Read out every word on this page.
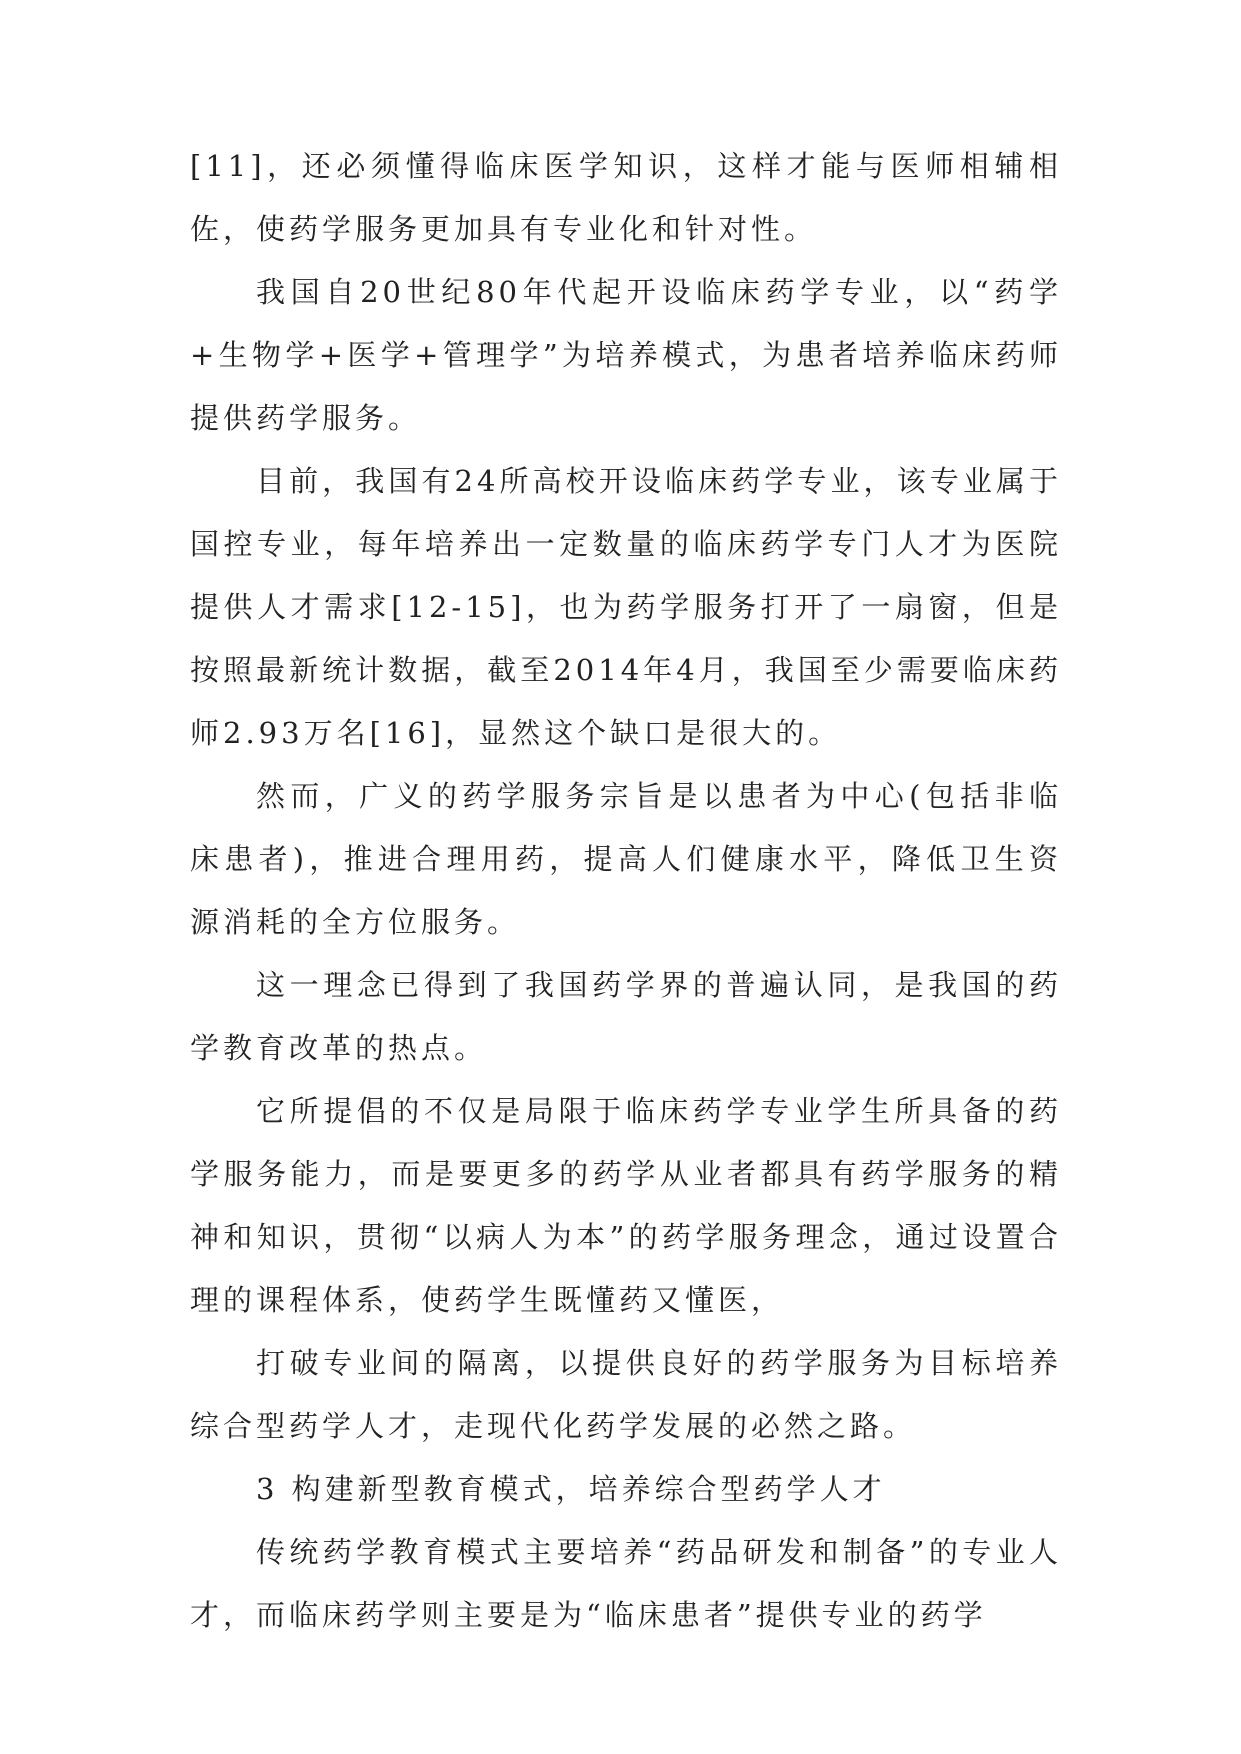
[11]，还必须懂得临床医学知识，这样才能与医师相辅相佐，使药学服务更加具有专业化和针对性。

我国自20世纪80年代起开设临床药学专业，以“药学+生物学+医学+管理学”为培养模式，为患者培养临床药师提供药学服务。

目前，我国有24所高校开设临床药学专业，该专业属于国控专业，每年培养出一定数量的临床药学专门人才为医院提供人才需求[12-15]，也为药学服务打开了一扇窗，但是按照最新统计数据，截至2014年4月，我国至少需要临床药师2.93万名[16]，显然这个缺口是很大的。

然而，广义的药学服务宗旨是以患者为中心(包括非临床患者)，推进合理用药，提高人们健康水平，降低卫生资源消耗的全方位服务。

这一理念已得到了我国药学界的普遍认同，是我国的药学教育改革的热点。

它所提倡的不仅是局限于临床药学专业学生所具备的药学服务能力，而是要更多的药学从业者都具有药学服务的精神和知识，贯彻“以病人为本”的药学服务理念，通过设置合理的课程体系，使药学生既懂药又懂医，

打破专业间的隔离，以提供良好的药学服务为目标培养综合型药学人才，走现代化药学发展的必然之路。

3 构建新型教育模式，培养综合型药学人才

传统药学教育模式主要培养“药品研发和制备”的专业人才，而临床药学则主要是为“临床患者”提供专业的药学
